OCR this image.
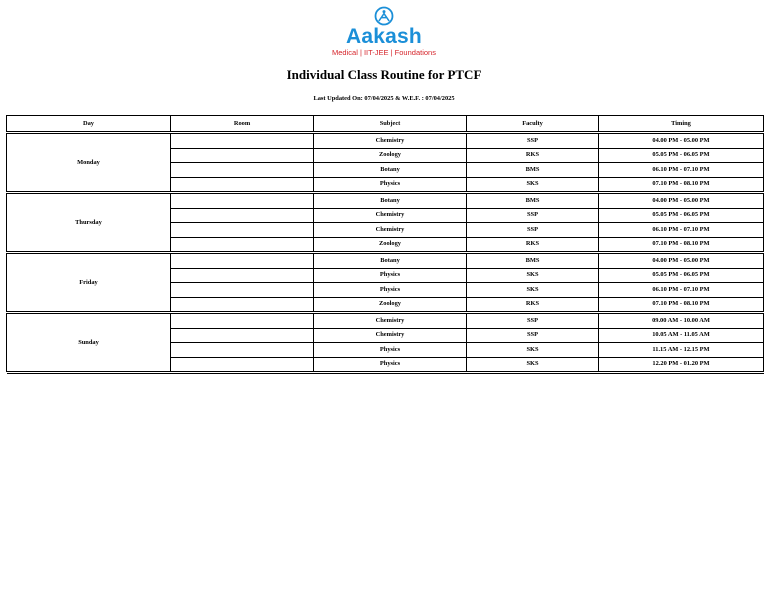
Aakash
Medical | IIT-JEE | Foundations
Individual Class Routine for PTCF
Last Updated On: 07/04/2025 & W.E.F. : 07/04/2025
Day	Room	Subject	Faculty	Timing

Monday		Chemistry	SSP	04.00 PM - 05.00 PM
		Zoology	RKS	05.05 PM - 06.05 PM
		Botany	BMS	06.10 PM - 07.10 PM
		Physics	SKS	07.10 PM - 08.10 PM

Thursday		Botany	BMS	04.00 PM - 05.00 PM
		Chemistry	SSP	05.05 PM - 06.05 PM
		Chemistry	SSP	06.10 PM - 07.10 PM
		Zoology	RKS	07.10 PM - 08.10 PM

Friday		Botany	BMS	04.00 PM - 05.00 PM
		Physics	SKS	05.05 PM - 06.05 PM
		Physics	SKS	06.10 PM - 07.10 PM
		Zoology	RKS	07.10 PM - 08.10 PM

Sunday		Chemistry	SSP	09.00 AM - 10.00 AM
		Chemistry	SSP	10.05 AM - 11.05 AM
		Physics	SKS	11.15 AM - 12.15 PM
		Physics	SKS	12.20 PM - 01.20 PM
